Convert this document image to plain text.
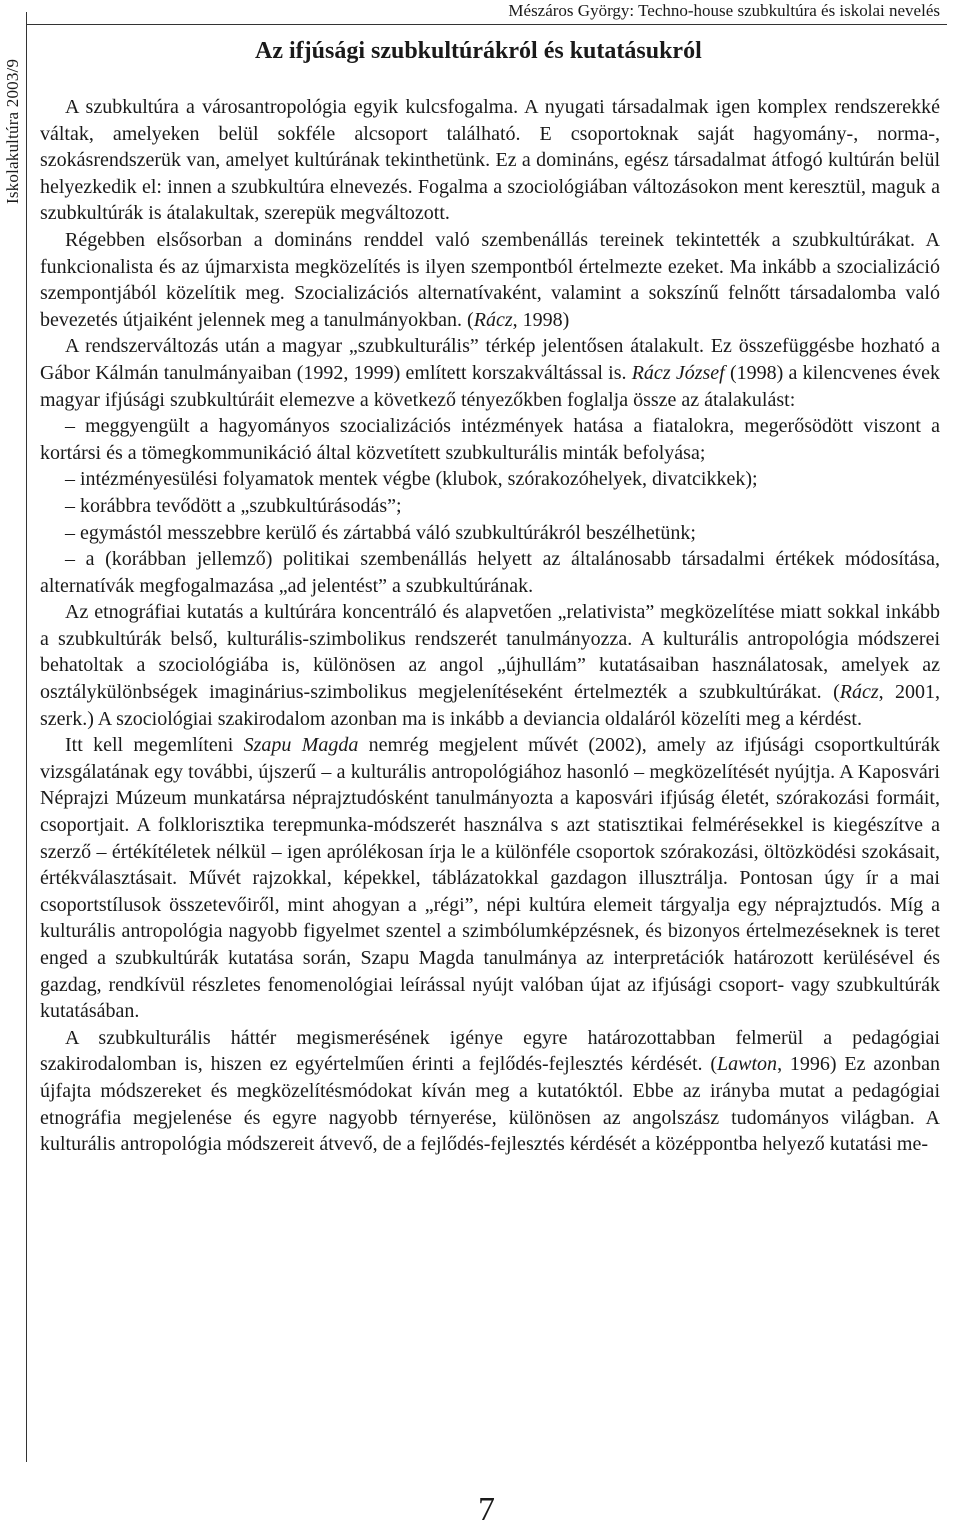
Iskolakultúra 2003/9
Mészáros György: Techno-house szubkultúra és iskolai nevelés
Az ifjúsági szubkultúrákról és kutatásukról

A szubkultúra a városantropológia egyik kulcsfogalma. A nyugati társadalmak igen komplex rendszerekké váltak, amelyeken belül sokféle alcsoport található. E csoportoknak saját hagyomány-, norma-, szokásrendszerük van, amelyet kultúrának tekinthetünk. Ez a domináns, egész társadalmat átfogó kultúrán belül helyezkedik el: innen a szubkultúra elnevezés. Fogalma a szociológiában változásokon ment keresztül, maguk a szubkultúrák is átalakultak, szerepük megváltozott.

Régebben elsősorban a domináns renddel való szembenállás tereinek tekintették a szubkultúrákat. A funkcionalista és az újmarxista megközelítés is ilyen szempontból értelmezte ezeket. Ma inkább a szocializáció szempontjából közelítik meg. Szocializációs alternatívaként, valamint a sokszínű felnőtt társadalomba való bevezetés útjaiként jelennek meg a tanulmányokban. (Rácz, 1998)

A rendszerváltozás után a magyar „szubkulturális” térkép jelentősen átalakult. Ez összefüggésbe hozható a Gábor Kálmán tanulmányaiban (1992, 1999) említett korszakváltással is. Rácz József (1998) a kilencvenes évek magyar ifjúsági szubkultúráit elemezve a következő tényezőkben foglalja össze az átalakulást:

– meggyengült a hagyományos szocializációs intézmények hatása a fiatalokra, megerősödött viszont a kortársi és a tömegkommunikáció által közvetített szubkulturális minták befolyása;

– intézményesülési folyamatok mentek végbe (klubok, szórakozóhelyek, divatcikkek);

– korábbra tevődött a „szubkultúrásodás”;

– egymástól messzebbre kerülő és zártabbá váló szubkultúrákról beszélhetünk;

– a (korábban jellemző) politikai szembenállás helyett az általánosabb társadalmi értékek módosítása, alternatívák megfogalmazása „ad jelentést” a szubkultúrának.

Az etnográfiai kutatás a kultúrára koncentráló és alapvetően „relativista” megközelítése miatt sokkal inkább a szubkultúrák belső, kulturális-szimbolikus rendszerét tanulmányozza. A kulturális antropológia módszerei behatoltak a szociológiába is, különösen az angol „újhullám” kutatásaiban használatosak, amelyek az osztálykülönbségek imaginárius-szimbolikus megjelenítéseként értelmezték a szubkultúrákat. (Rácz, 2001, szerk.) A szociológiai szakirodalom azonban ma is inkább a deviancia oldaláról közelíti meg a kérdést.

Itt kell megemlíteni Szapu Magda nemrég megjelent művét (2002), amely az ifjúsági csoportkultúrák vizsgálatának egy további, újszerű – a kulturális antropológiához hasonló – megközelítését nyújtja. A Kaposvári Néprajzi Múzeum munkatársa néprajztudósként tanulmányozta a kaposvári ifjúság életét, szórakozási formáit, csoportjait. A folklorisztika terepmunka-módszerét használva s azt statisztikai felmérésekkel is kiegészítve a szerző – értékítéletek nélkül – igen aprólékosan írja le a különféle csoportok szórakozási, öltözködési szokásait, értékválasztásait. Művét rajzokkal, képekkel, táblázatokkal gazdagon illusztrálja. Pontosan úgy ír a mai csoportstílusok összetevőiről, mint ahogyan a „régi”, népi kultúra elemeit tárgyalja egy néprajztudós. Míg a kulturális antropológia nagyobb figyelmet szentel a szimbólumképzésnek, és bizonyos értelmezéseknek is teret enged a szubkultúrák kutatása során, Szapu Magda tanulmánya az interpretációk határozott kerülésével és gazdag, rendkívül részletes fenomenológiai leírással nyújt valóban újat az ifjúsági csoport- vagy szubkultúrák kutatásában.

A szubkulturális háttér megismerésének igénye egyre határozottabban felmerül a pedagógiai szakirodalomban is, hiszen ez egyértelműen érinti a fejlődés-fejlesztés kérdését. (Lawton, 1996) Ez azonban újfajta módszereket és megközelítésmódokat kíván meg a kutatóktól. Ebbe az irányba mutat a pedagógiai etnográfia megjelenése és egyre nagyobb térnyerése, különösen az angolszász tudományos világban. A kulturális antropológia módszereit átvevő, de a fejlődés-fejlesztés kérdését a középpontba helyező kutatási me-

7
